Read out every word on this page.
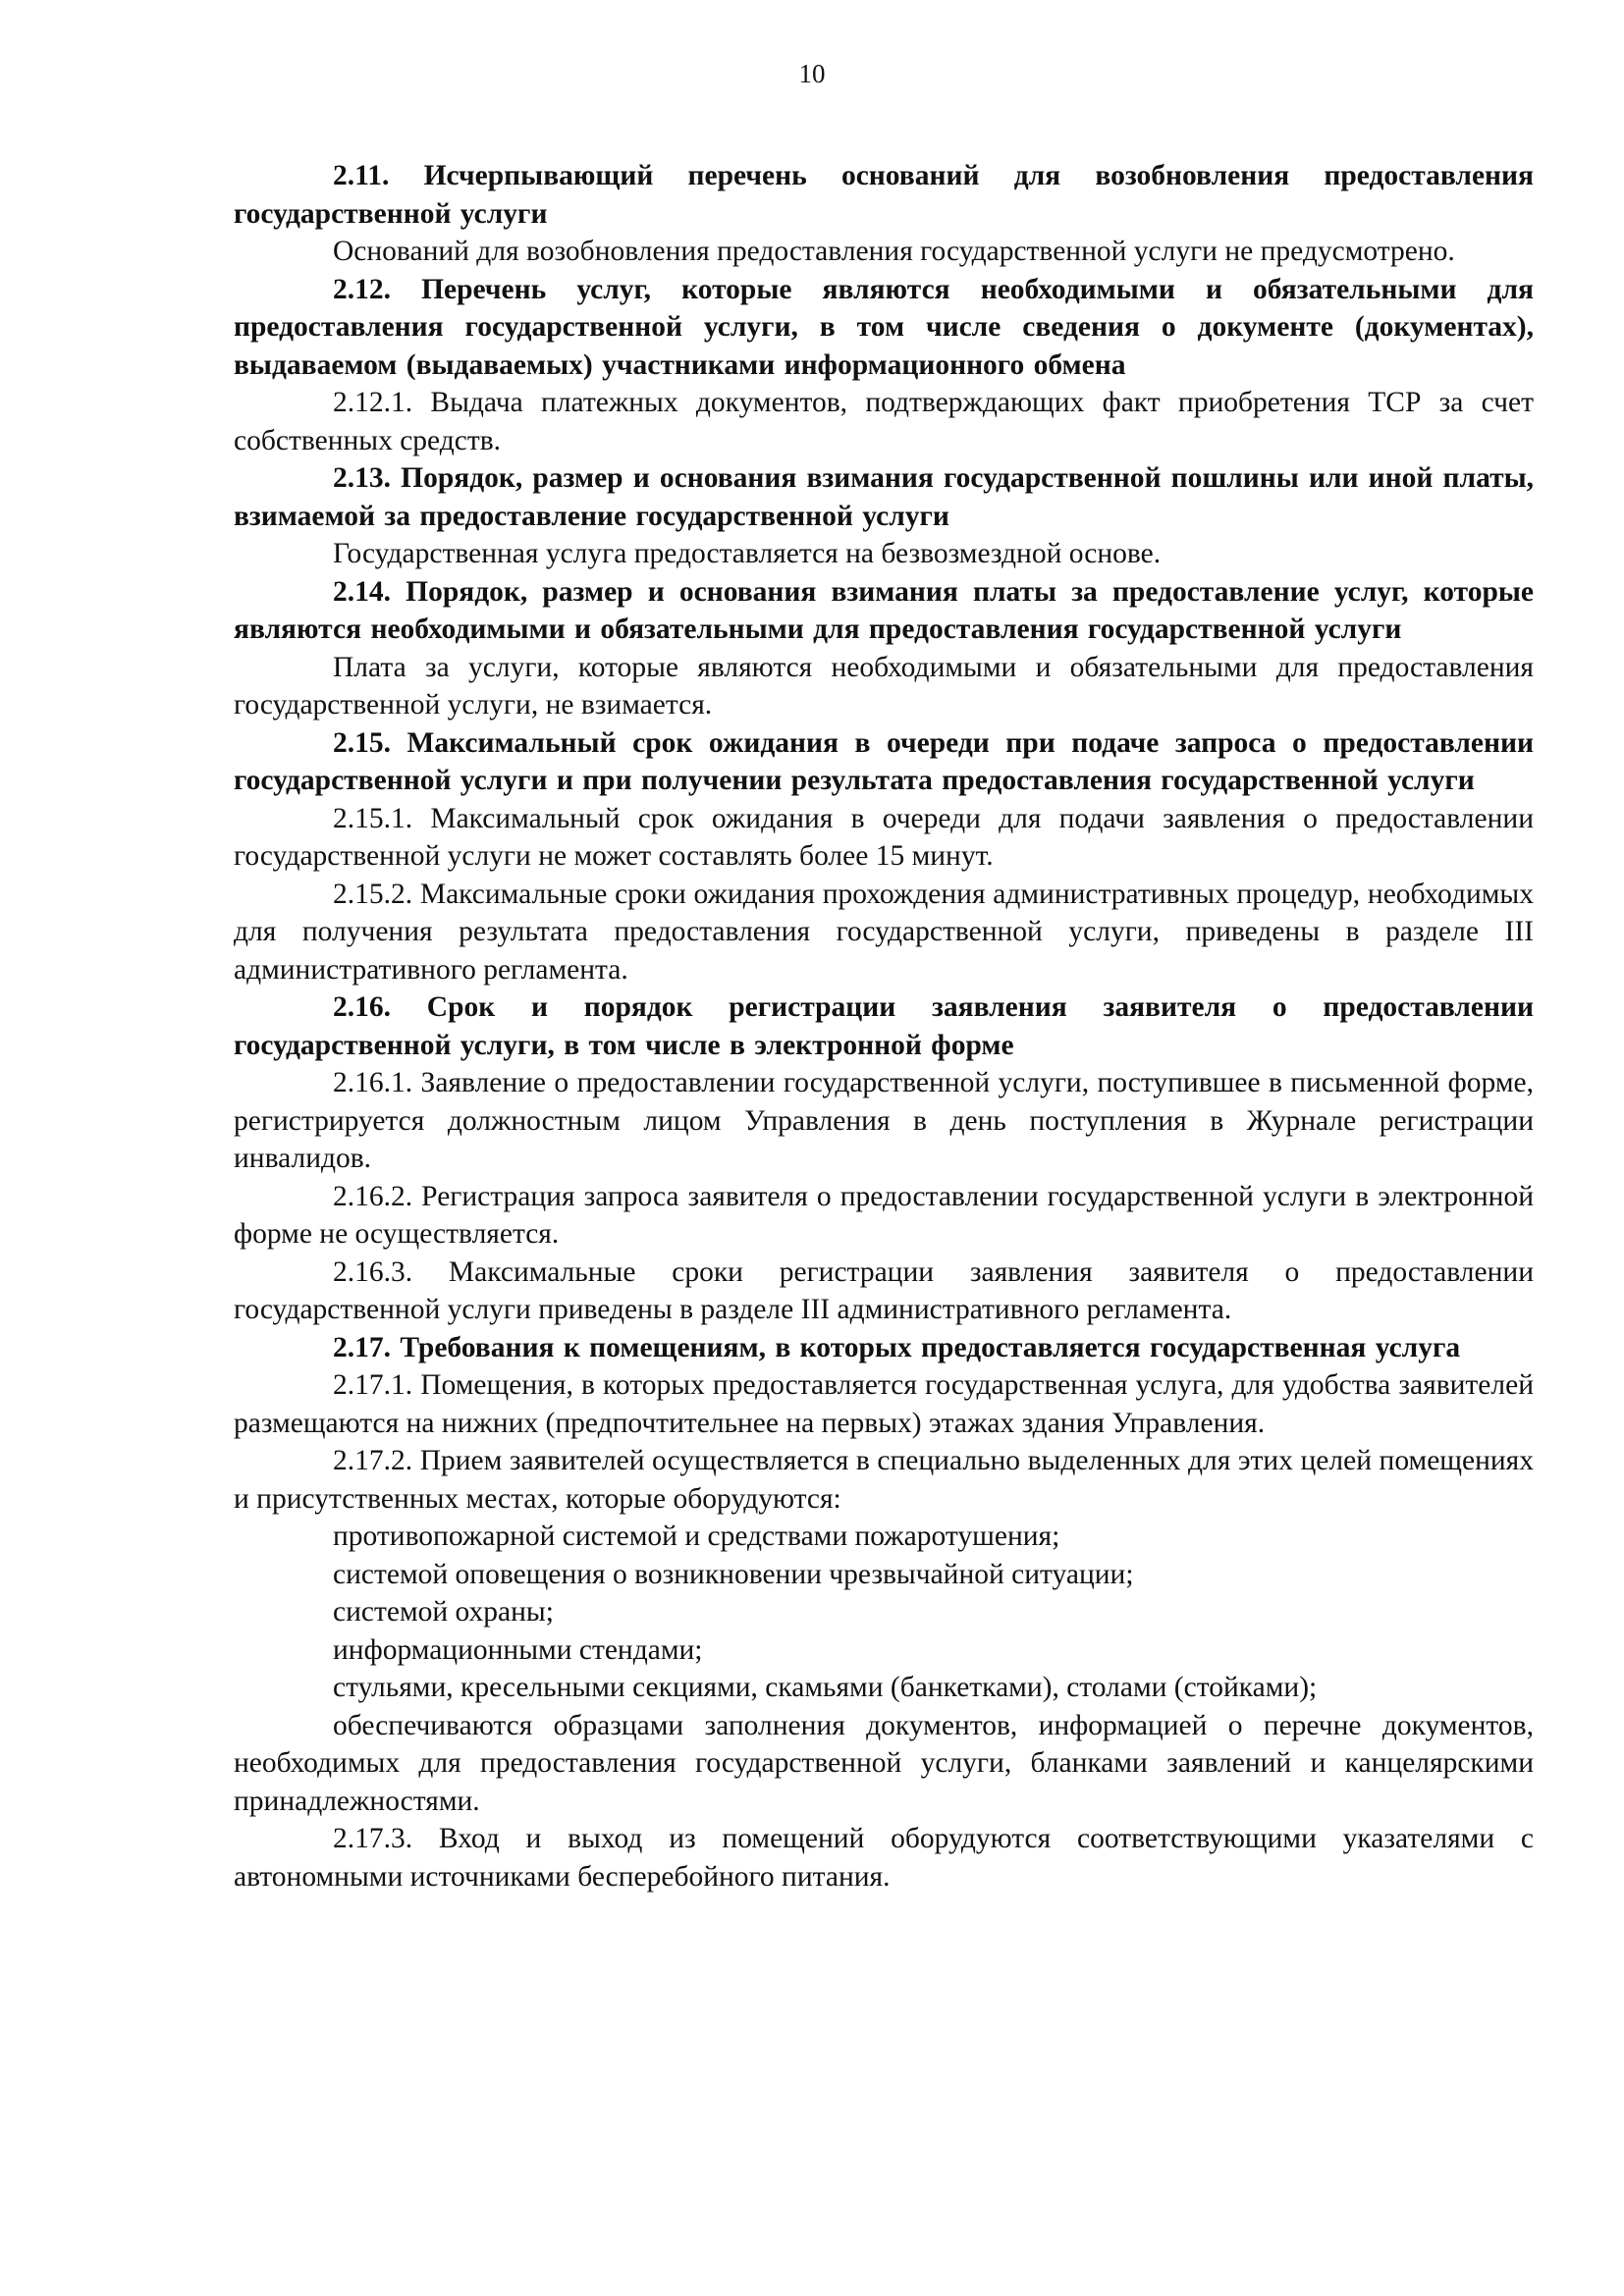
10

2.11. Исчерпывающий перечень оснований для возобновления предоставления государственной услуги

Оснований для возобновления предоставления государственной услуги не предусмотрено.

2.12. Перечень услуг, которые являются необходимыми и обязательными для предоставления государственной услуги, в том числе сведения о документе (документах), выдаваемом (выдаваемых) участниками информационного обмена

2.12.1. Выдача платежных документов, подтверждающих факт приобретения ТСР за счет собственных средств.

2.13. Порядок, размер и основания взимания государственной пошлины или иной платы, взимаемой за предоставление государственной услуги

Государственная услуга предоставляется на безвозмездной основе.

2.14. Порядок, размер и основания взимания платы за предоставление услуг, которые являются необходимыми и обязательными для предоставления государственной услуги

Плата за услуги, которые являются необходимыми и обязательными для предоставления государственной услуги, не взимается.

2.15. Максимальный срок ожидания в очереди при подаче запроса о предоставлении государственной услуги и при получении результата предоставления государственной услуги

2.15.1. Максимальный срок ожидания в очереди для подачи заявления о предоставлении государственной услуги не может составлять более 15 минут.

2.15.2. Максимальные сроки ожидания прохождения административных процедур, необходимых для получения результата предоставления государственной услуги, приведены в разделе III административного регламента.

2.16. Срок и порядок регистрации заявления заявителя о предоставлении государственной услуги, в том числе в электронной форме

2.16.1. Заявление о предоставлении государственной услуги, поступившее в письменной форме, регистрируется должностным лицом Управления в день поступления в Журнале регистрации инвалидов.

2.16.2. Регистрация запроса заявителя о предоставлении государственной услуги в электронной форме не осуществляется.

2.16.3. Максимальные сроки регистрации заявления заявителя о предоставлении государственной услуги приведены в разделе III административного регламента.

2.17. Требования к помещениям, в которых предоставляется государственная услуга

2.17.1. Помещения, в которых предоставляется государственная услуга, для удобства заявителей размещаются на нижних (предпочтительнее на первых) этажах здания Управления.

2.17.2. Прием заявителей осуществляется в специально выделенных для этих целей помещениях и присутственных местах, которые оборудуются:

противопожарной системой и средствами пожаротушения;

системой оповещения о возникновении чрезвычайной ситуации;

системой охраны;

информационными стендами;

стульями, кресельными секциями, скамьями (банкетками), столами (стойками);

обеспечиваются образцами заполнения документов, информацией о перечне документов, необходимых для предоставления государственной услуги, бланками заявлений и канцелярскими принадлежностями.

2.17.3. Вход и выход из помещений оборудуются соответствующими указателями с автономными источниками бесперебойного питания.
